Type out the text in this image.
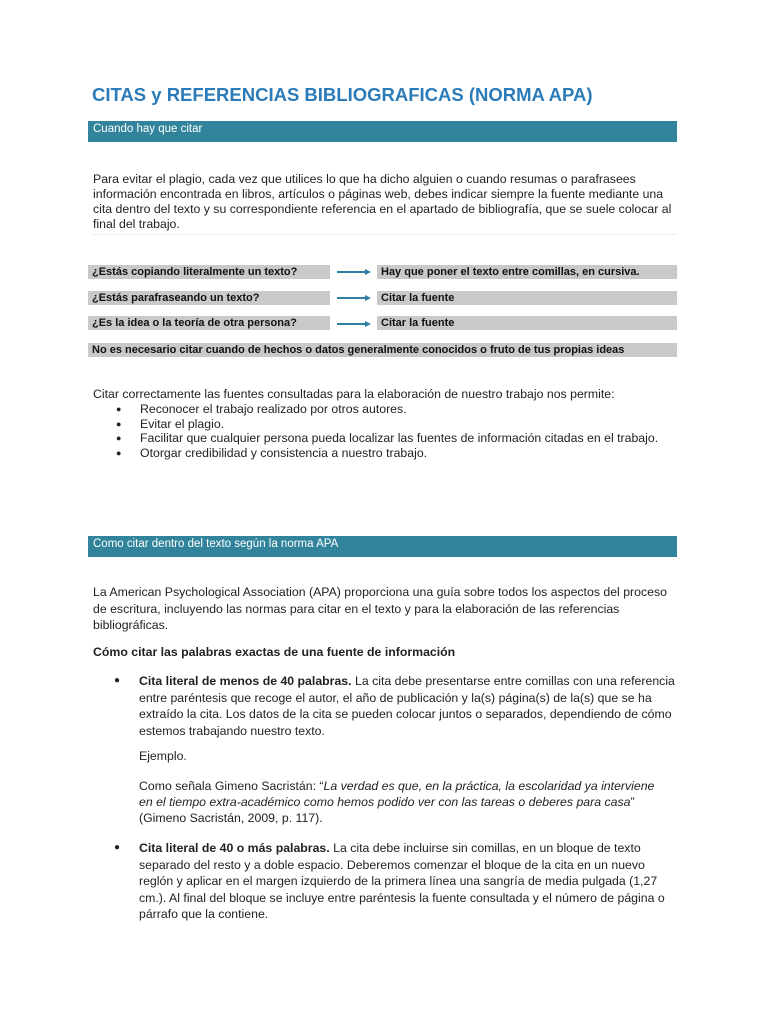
CITAS y REFERENCIAS BIBLIOGRAFICAS (NORMA APA)
Cuando hay que citar

Para evitar el plagio, cada vez que utilices lo que ha dicho alguien o cuando resumas o parafrasees información encontrada en libros, artículos o páginas web, debes indicar siempre la fuente mediante una cita dentro del texto y su correspondiente referencia en el apartado de bibliografía, que se suele colocar al final del trabajo.

¿Estás copiando literalmente un texto?	Hay que poner el texto entre comillas, en cursiva.
¿Estás parafraseando un texto?	Citar la fuente
¿Es la idea o la teoría de otra persona?	Citar la fuente
No es necesario citar cuando de hechos o datos generalmente conocidos o fruto de tus propias ideas

Citar correctamente las fuentes consultadas para la elaboración de nuestro trabajo nos permite:

● Reconocer el trabajo realizado por otros autores.
● Evitar el plagio.
● Facilitar que cualquier persona pueda localizar las fuentes de información citadas en el trabajo.
● Otorgar credibilidad y consistencia a nuestro trabajo.
Como citar dentro del texto según la norma APA

La American Psychological Association (APA) proporciona una guía sobre todos los aspectos del proceso de escritura, incluyendo las normas para citar en el texto y para la elaboración de las referencias bibliográficas.

Cómo citar las palabras exactas de una fuente de información

● Cita literal de menos de 40 palabras. La cita debe presentarse entre comillas con una referencia entre paréntesis que recoge el autor, el año de publicación y la(s) página(s) de la(s) que se ha extraído la cita. Los datos de la cita se pueden colocar juntos o separados, dependiendo de cómo estemos trabajando nuestro texto.
Ejemplo.
Como señala Gimeno Sacristán: “La verdad es que, en la práctica, la escolaridad ya interviene en el tiempo extra-académico como hemos podido ver con las tareas o deberes para casa” (Gimeno Sacristán, 2009, p. 117).
● Cita literal de 40 o más palabras. La cita debe incluirse sin comillas, en un bloque de texto separado del resto y a doble espacio. Deberemos comenzar el bloque de la cita en un nuevo reglón y aplicar en el margen izquierdo de la primera línea una sangría de media pulgada (1,27 cm.). Al final del bloque se incluye entre paréntesis la fuente consultada y el número de página o párrafo que la contiene.
